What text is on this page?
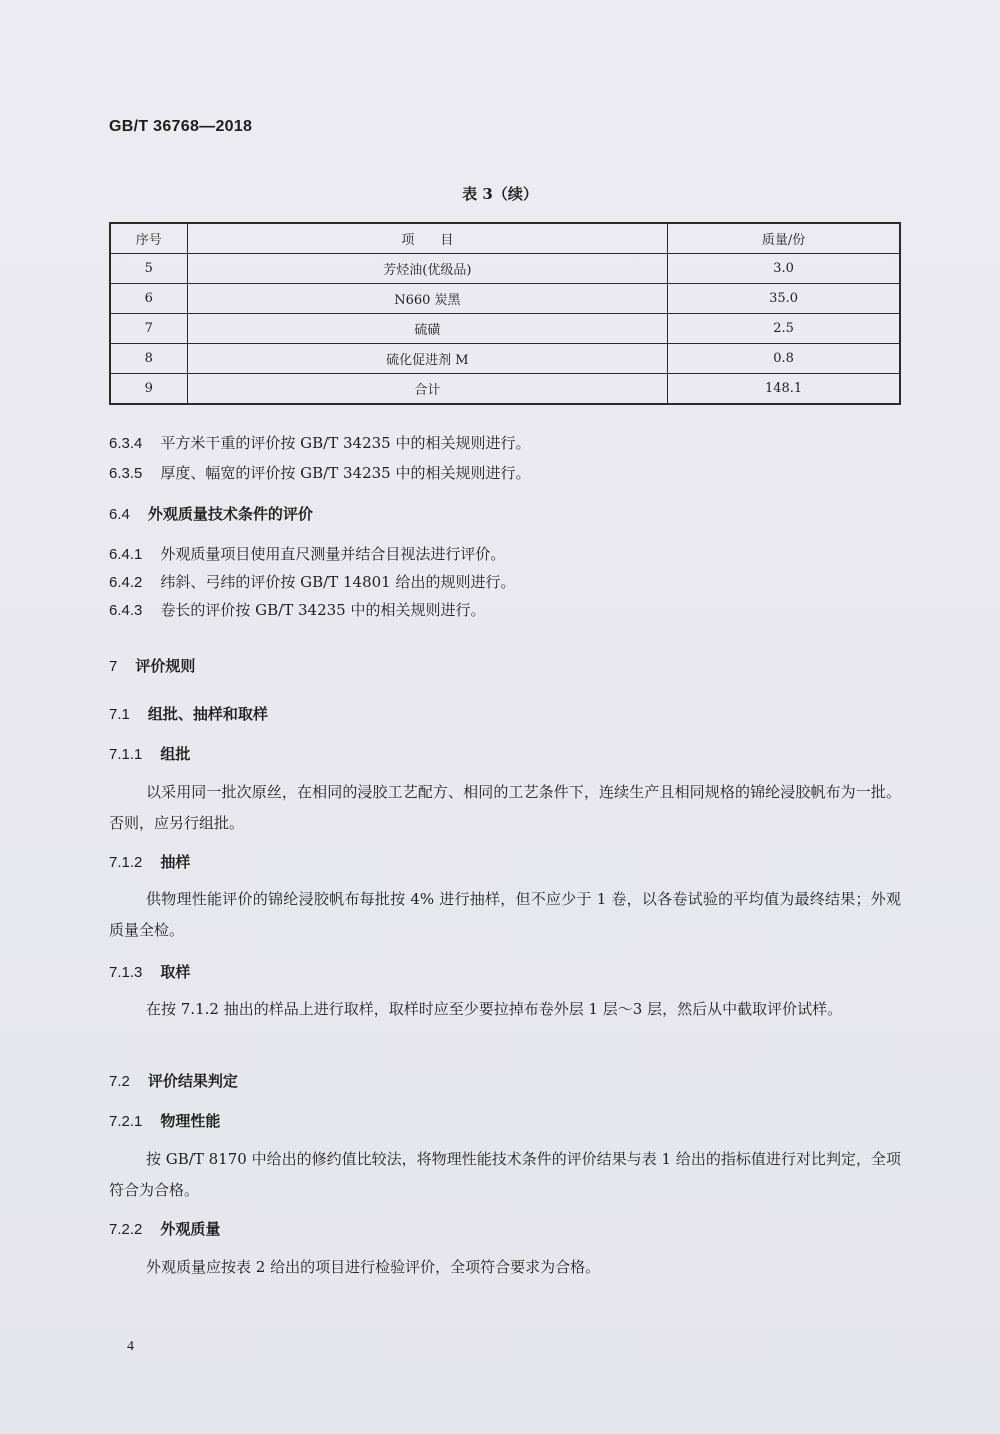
GB/T 36768—2018
表 3（续）
序号	项　　目	质量/份
5	芳烃油(优级品)	3.0
6	N660 炭黑	35.0
7	硫磺	2.5
8	硫化促进剂 M	0.8
9	合计	148.1
6.3.4 平方米干重的评价按 GB/T 34235 中的相关规则进行。
6.3.5 厚度、幅宽的评价按 GB/T 34235 中的相关规则进行。
6.4 外观质量技术条件的评价
6.4.1 外观质量项目使用直尺测量并结合目视法进行评价。
6.4.2 纬斜、弓纬的评价按 GB/T 14801 给出的规则进行。
6.4.3 卷长的评价按 GB/T 34235 中的相关规则进行。
7 评价规则
7.1 组批、抽样和取样
7.1.1 组批
以采用同一批次原丝，在相同的浸胶工艺配方、相同的工艺条件下，连续生产且相同规格的锦纶浸胶帆布为一批。否则，应另行组批。
7.1.2 抽样
供物理性能评价的锦纶浸胶帆布每批按 4% 进行抽样，但不应少于 1 卷，以各卷试验的平均值为最终结果；外观质量全检。
7.1.3 取样
在按 7.1.2 抽出的样品上进行取样，取样时应至少要拉掉布卷外层 1 层～3 层，然后从中截取评价试样。
7.2 评价结果判定
7.2.1 物理性能
按 GB/T 8170 中给出的修约值比较法，将物理性能技术条件的评价结果与表 1 给出的指标值进行对比判定，全项符合为合格。
7.2.2 外观质量
外观质量应按表 2 给出的项目进行检验评价，全项符合要求为合格。
4
